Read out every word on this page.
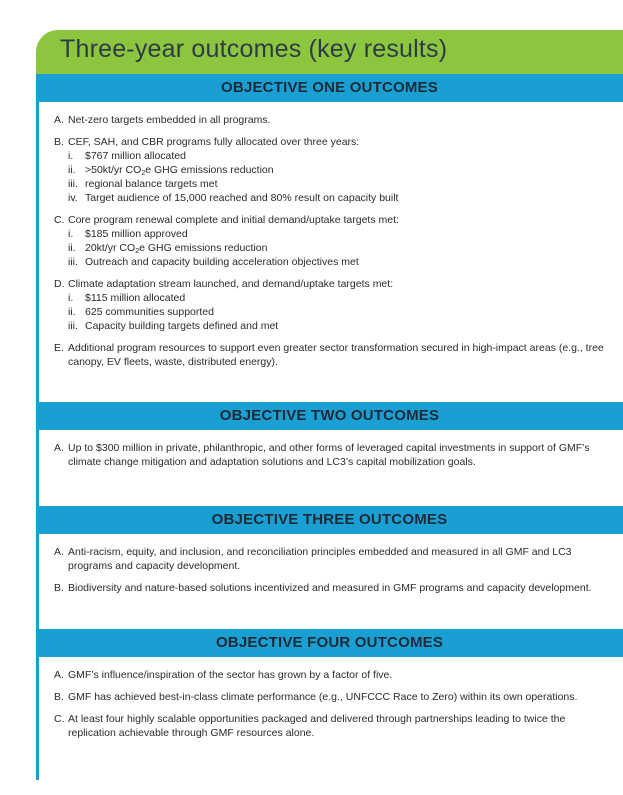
Three-year outcomes (key results)
OBJECTIVE ONE OUTCOMES
A. Net-zero targets embedded in all programs.
B. CEF, SAH, and CBR programs fully allocated over three years:
i.	$767 million allocated
ii. >50kt/yr $CO_2e$ GHG emissions reduction
iii. regional balance targets met
iv. Target audience of 15,000 reached and 80% result on capacity built
C. Core program renewal complete and initial demand/uptake targets met:
i.	$185 million approved
ii. 20kt/yr $CO_2e$ GHG emissions reduction
iii. Outreach and capacity building acceleration objectives met
D. Climate adaptation stream launched, and demand/uptake targets met:
i.	$115 million allocated
ii. 625 communities supported
iii. Capacity building targets defined and met
E. Additional program resources to support even greater sector transformation secured in high-impact areas (e.g., tree canopy, EV fleets, waste, distributed energy).
OBJECTIVE TWO OUTCOMES
A. Up to $300 million in private, philanthropic, and other forms of leveraged capital investments in support of GMF’s climate change mitigation and adaptation solutions and LC3’s capital mobilization goals.
OBJECTIVE THREE OUTCOMES
A. Anti-racism, equity, and inclusion, and reconciliation principles embedded and measured in all GMF and LC3 programs and capacity development.
B. Biodiversity and nature-based solutions incentivized and measured in GMF programs and capacity development.
OBJECTIVE FOUR OUTCOMES
A. GMF’s influence/inspiration of the sector has grown by a factor of five.
B. GMF has achieved best-in-class climate performance (e.g., UNFCCC Race to Zero) within its own operations.
C. At least four highly scalable opportunities packaged and delivered through partnerships leading to twice the replication achievable through GMF resources alone.
